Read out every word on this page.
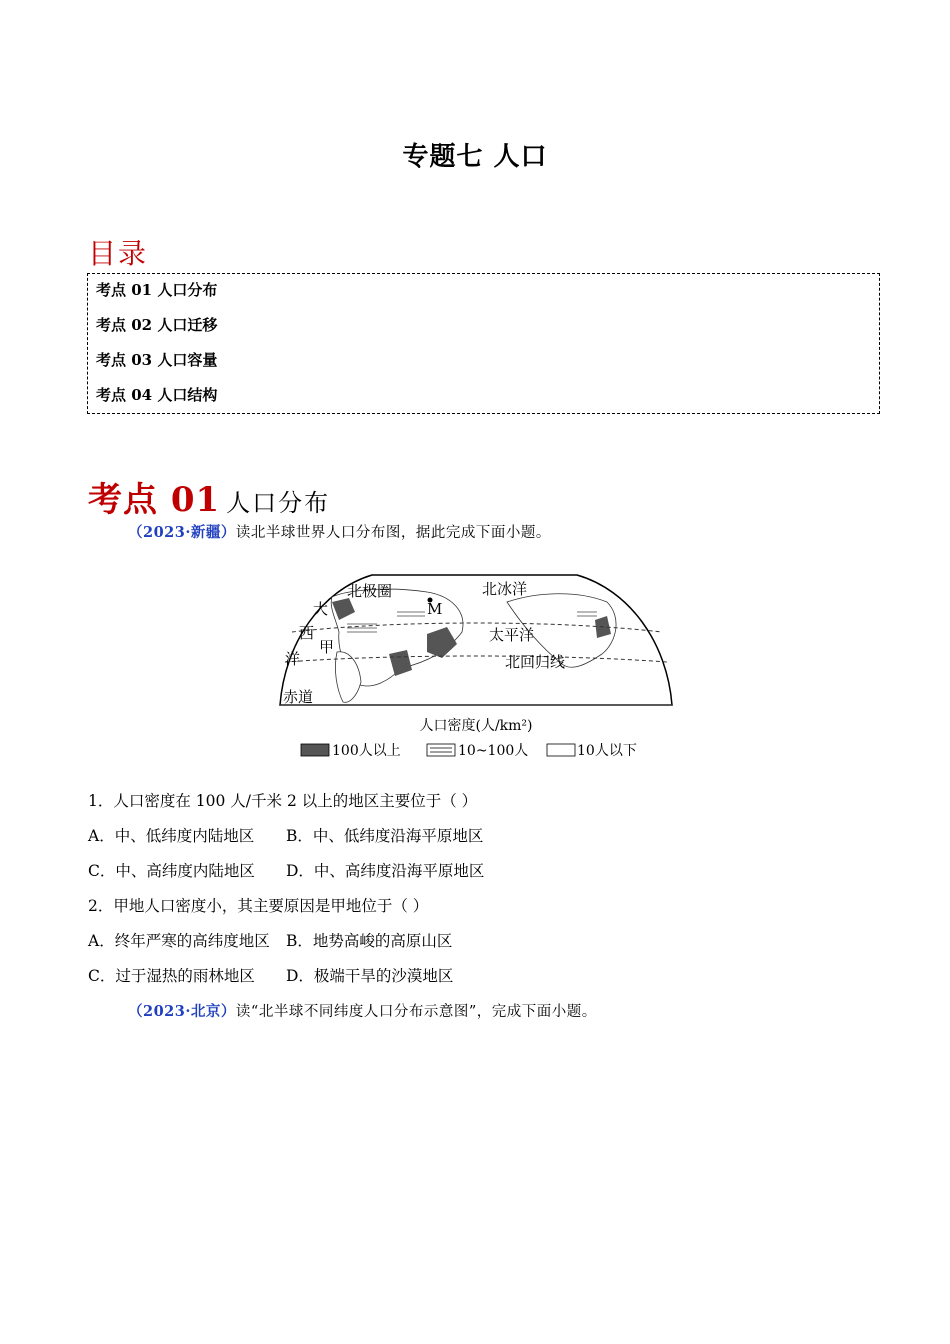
专题七 人口
目录
考点 01 人口分布
考点 02 人口迁移
考点 03 人口容量
考点 04 人口结构
考点 01 人口分布
（2023·新疆）读北半球世界人口分布图，据此完成下面小题。
北极圈	北冰洋
M
大
西
洋
甲
太平洋
北回归线
赤道
人口密度(人/km²)
100人以上	10~100人	10人以下
1．人口密度在 100 人/千米 2 以上的地区主要位于（ ）
A．中、低纬度内陆地区 B．中、低纬度沿海平原地区
C．中、高纬度内陆地区 D．中、高纬度沿海平原地区
2．甲地人口密度小，其主要原因是甲地位于（ ）
A．终年严寒的高纬度地区 B．地势高峻的高原山区
C．过于湿热的雨林地区 D．极端干旱的沙漠地区
（2023·北京）读“北半球不同纬度人口分布示意图”，完成下面小题。
